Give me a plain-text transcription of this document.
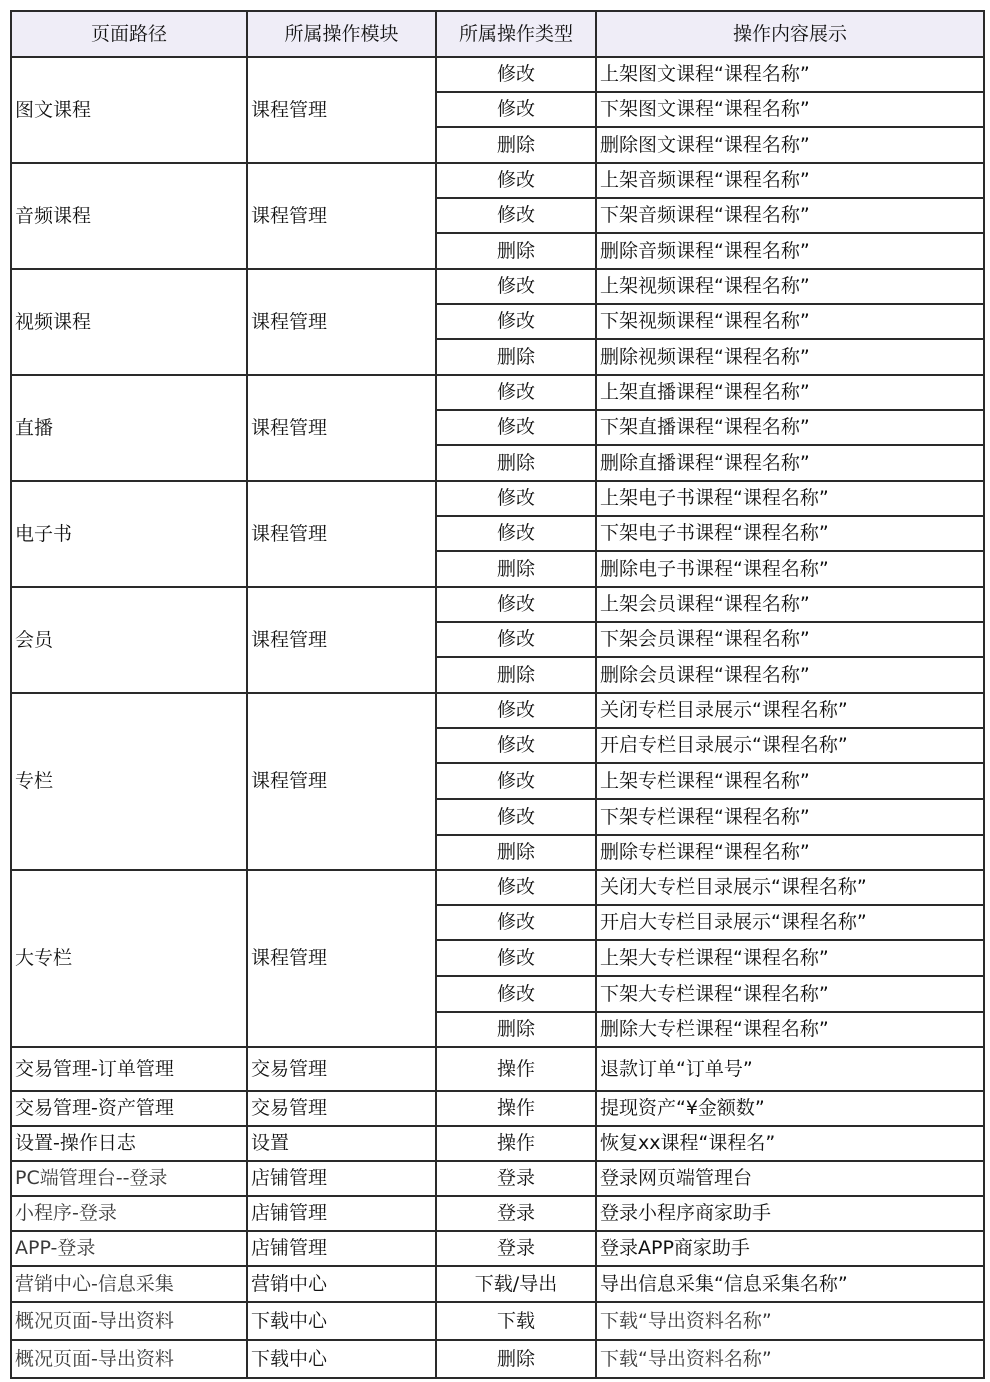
页面路径	所属操作模块	所属操作类型	操作内容展示
图文课程	课程管理	修改	上架图文课程“课程名称”
		修改	下架图文课程“课程名称”
		删除	删除图文课程“课程名称”
音频课程	课程管理	修改	上架音频课程“课程名称”
		修改	下架音频课程“课程名称”
		删除	删除音频课程“课程名称”
视频课程	课程管理	修改	上架视频课程“课程名称”
		修改	下架视频课程“课程名称”
		删除	删除视频课程“课程名称”
直播	课程管理	修改	上架直播课程“课程名称”
		修改	下架直播课程“课程名称”
		删除	删除直播课程“课程名称”
电子书	课程管理	修改	上架电子书课程“课程名称”
		修改	下架电子书课程“课程名称”
		删除	删除电子书课程“课程名称”
会员	课程管理	修改	上架会员课程“课程名称”
		修改	下架会员课程“课程名称”
		删除	删除会员课程“课程名称”
专栏	课程管理	修改	关闭专栏目录展示“课程名称”
		修改	开启专栏目录展示“课程名称”
		修改	上架专栏课程“课程名称”
		修改	下架专栏课程“课程名称”
		删除	删除专栏课程“课程名称”
大专栏	课程管理	修改	关闭大专栏目录展示“课程名称”
		修改	开启大专栏目录展示“课程名称”
		修改	上架大专栏课程“课程名称”
		修改	下架大专栏课程“课程名称”
		删除	删除大专栏课程“课程名称”
交易管理-订单管理	交易管理	操作	退款订单“订单号”
交易管理-资产管理	交易管理	操作	提现资产“¥金额数”
设置-操作日志	设置	操作	恢复xx课程“课程名”
PC端管理台--登录	店铺管理	登录	登录网页端管理台
小程序-登录	店铺管理	登录	登录小程序商家助手
APP-登录	店铺管理	登录	登录APP商家助手
营销中心-信息采集	营销中心	下载/导出	导出信息采集“信息采集名称”
概况页面-导出资料	下载中心	下载	下载“导出资料名称”
概况页面-导出资料	下载中心	删除	下载“导出资料名称”
